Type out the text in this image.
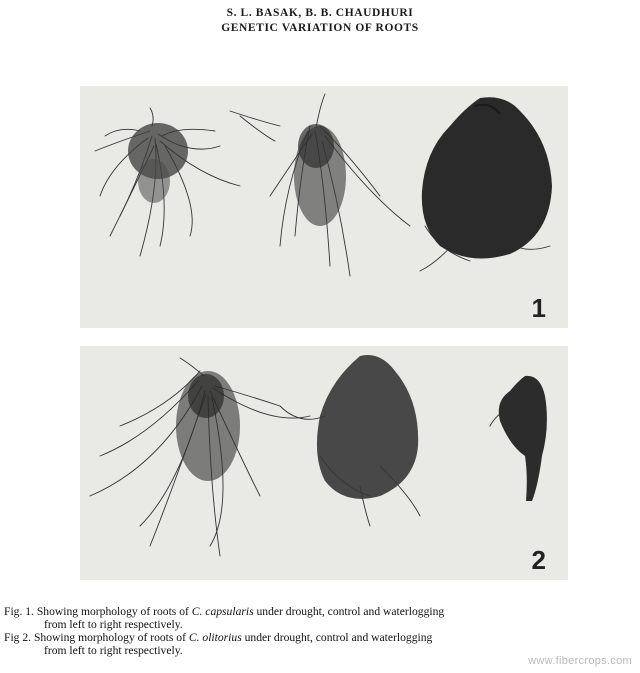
S. L. BASAK, B. B. CHAUDHURI
GENETIC VARIATION OF ROOTS
1
2
Fig. 1. Showing morphology of roots of C. capsularis under drought, control and waterlogging
from left to right respectively.
Fig 2. Showing morphology of roots of C. olitorius under drought, control and waterlogging
from left to right respectively.
www.fibercrops.com
